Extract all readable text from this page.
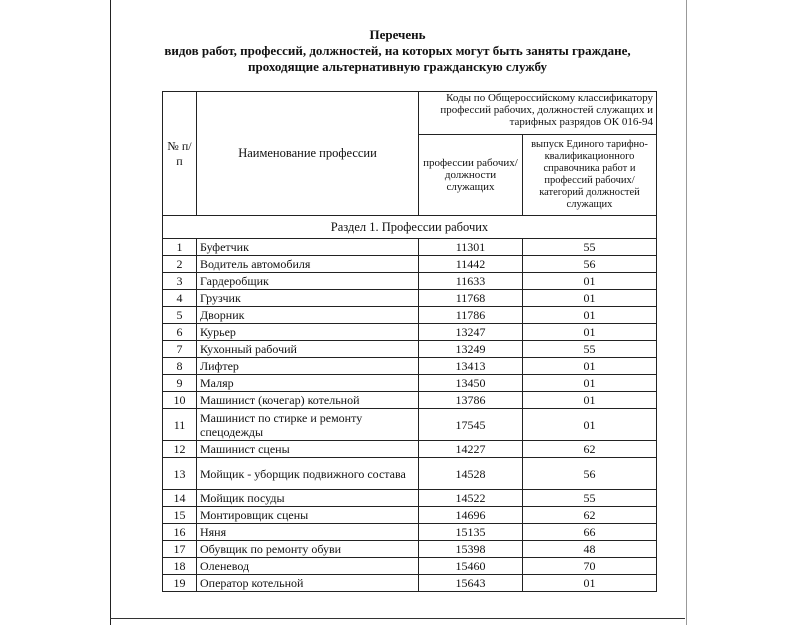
Перечень
видов работ, профессий, должностей, на которых могут быть заняты граждане,
проходящие альтернативную гражданскую службу
№ п/п	Наименование профессии	Коды по Общероссийскому классификатору профессий рабочих, должностей служащих и тарифных разрядов ОК 016-94	
		профессии рабочих/ должности служащих	выпуск Единого тарифно-квалификационного справочника работ и профессий рабочих/категорий должностей служащих
Раздел 1. Профессии рабочих			
1	Буфетчик	11301	55
2	Водитель автомобиля	11442	56
3	Гардеробщик	11633	01
4	Грузчик	11768	01
5	Дворник	11786	01
6	Курьер	13247	01
7	Кухонный рабочий	13249	55
8	Лифтер	13413	01
9	Маляр	13450	01
10	Машинист (кочегар) котельной	13786	01
11	Машинист по стирке и ремонту спецодежды	17545	01
12	Машинист сцены	14227	62
13	Мойщик - уборщик подвижного состава	14528	56
14	Мойщик посуды	14522	55
15	Монтировщик сцены	14696	62
16	Няня	15135	66
17	Обувщик по ремонту обуви	15398	48
18	Оленевод	15460	70
19	Оператор котельной	15643	01
